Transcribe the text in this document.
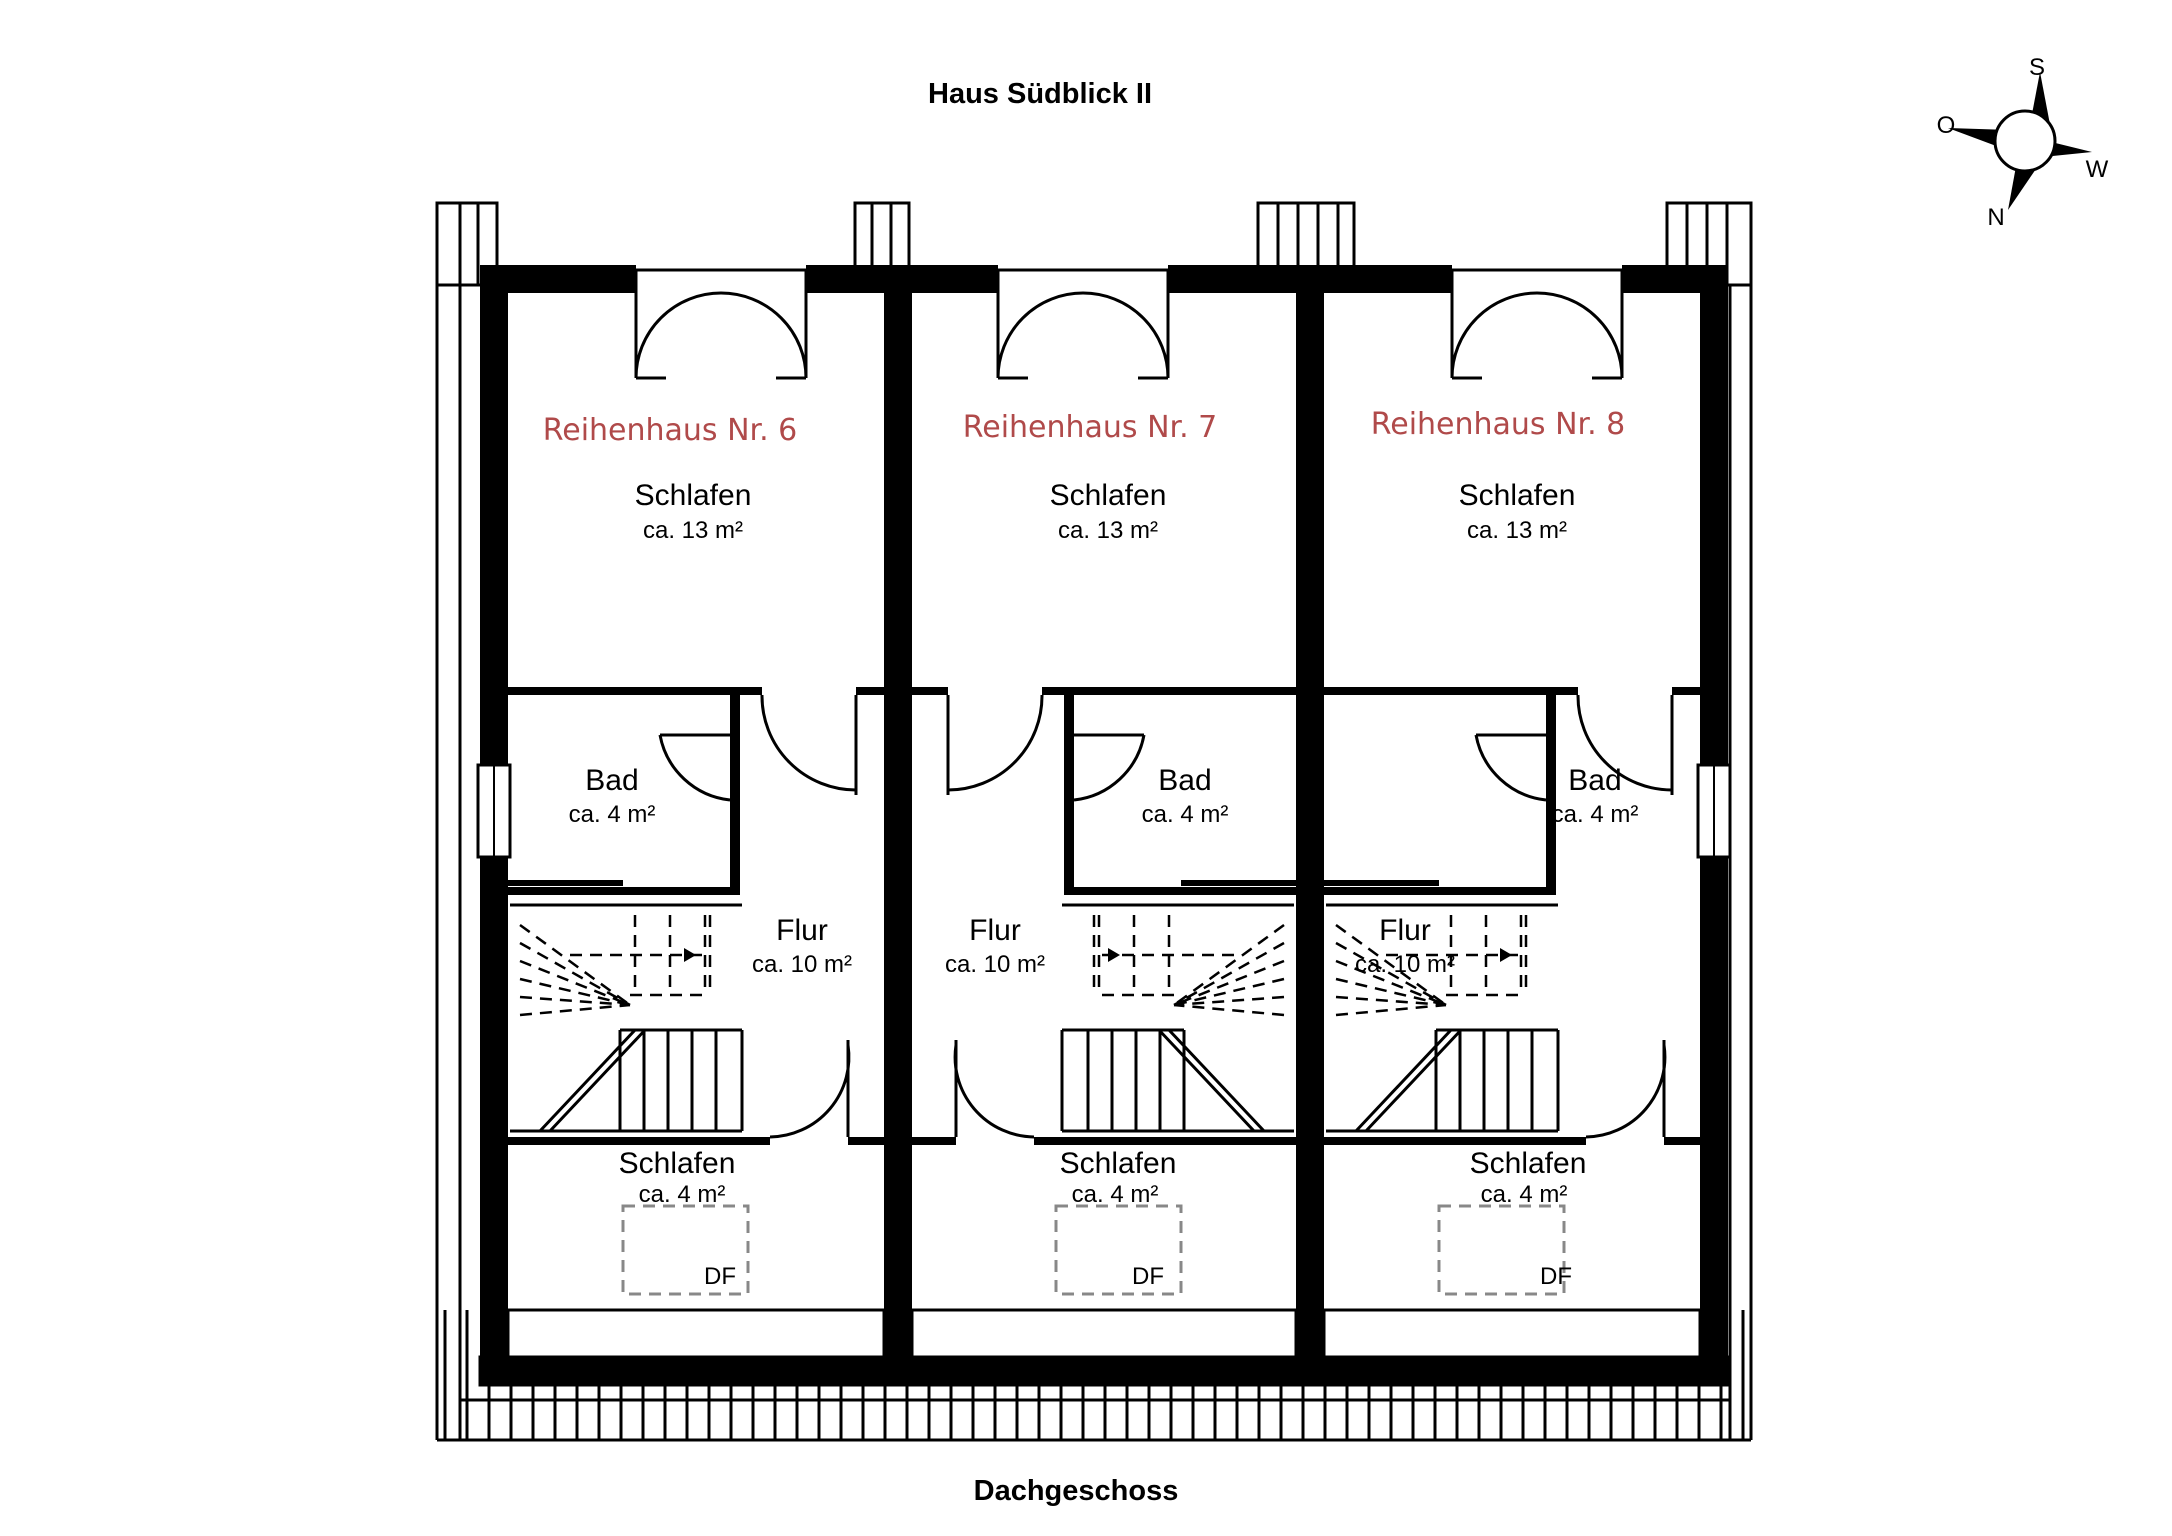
Haus Südblick II
S
O
W
N
Reihenhaus Nr. 6
Schlafen
ca. 13 m²
Bad
ca. 4 m²
Flur
ca. 10 m²
Schlafen
ca. 4 m²
DF
Reihenhaus Nr. 7
Schlafen
ca. 13 m²
Bad
ca. 4 m²
Flur
ca. 10 m²
Schlafen
ca. 4 m²
DF
Reihenhaus Nr. 8
Schlafen
ca. 13 m²
Bad
ca. 4 m²
Flur
ca. 10 m²
Schlafen
ca. 4 m²
DF
Dachgeschoss
